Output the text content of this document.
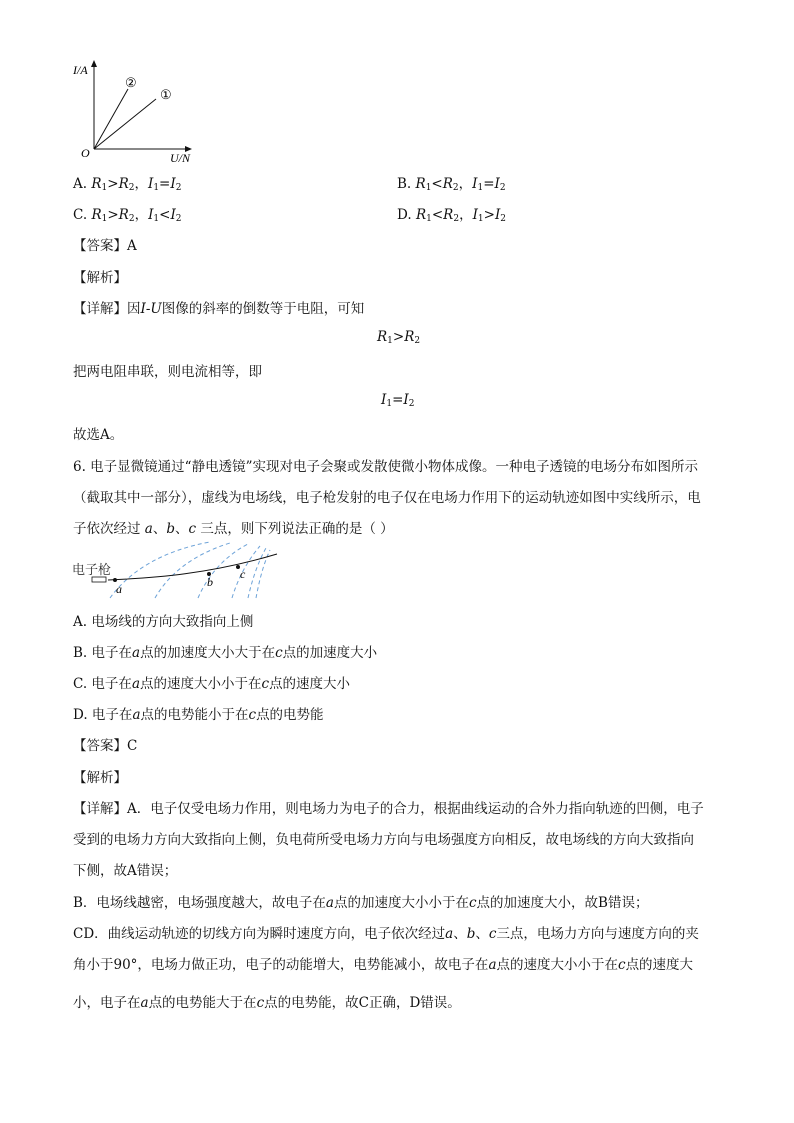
I/A
U/N
O
②
①
A. $R_1>R_2$，$I_1=I_2$	B. $R_1<R_2$，$I_1=I_2$
C. $R_1>R_2$，$I_1<I_2$	D. $R_1<R_2$，$I_1>I_2$
【答案】A
【解析】
【详解】因I-U图像的斜率的倒数等于电阻，可知
$R_1>R_2$
把两电阻串联，则电流相等，即
$I_1=I_2$
故选A。
6. 电子显微镜通过“静电透镜”实现对电子会聚或发散使微小物体成像。一种电子透镜的电场分布如图所示
（截取其中一部分），虚线为电场线，电子枪发射的电子仅在电场力作用下的运动轨迹如图中实线所示，电
子依次经过 a、b、c 三点，则下列说法正确的是（ ）
电子枪
a	b
c
A. 电场线的方向大致指向上侧
B. 电子在a点的加速度大小大于在c点的加速度大小
C. 电子在a点的速度大小小于在c点的速度大小
D. 电子在a点的电势能小于在c点的电势能
【答案】C
【解析】
【详解】A．电子仅受电场力作用，则电场力为电子的合力，根据曲线运动的合外力指向轨迹的凹侧，电子
受到的电场力方向大致指向上侧，负电荷所受电场力方向与电场强度方向相反，故电场线的方向大致指向
下侧，故A错误；
B．电场线越密，电场强度越大，故电子在a点的加速度大小小于在c点的加速度大小，故B错误；
CD．曲线运动轨迹的切线方向为瞬时速度方向，电子依次经过a、b、c三点，电场力方向与速度方向的夹
角小于90°，电场力做正功，电子的动能增大，电势能减小，故电子在a点的速度大小小于在c点的速度大
小，电子在a点的电势能大于在c点的电势能，故C正确，D错误。
